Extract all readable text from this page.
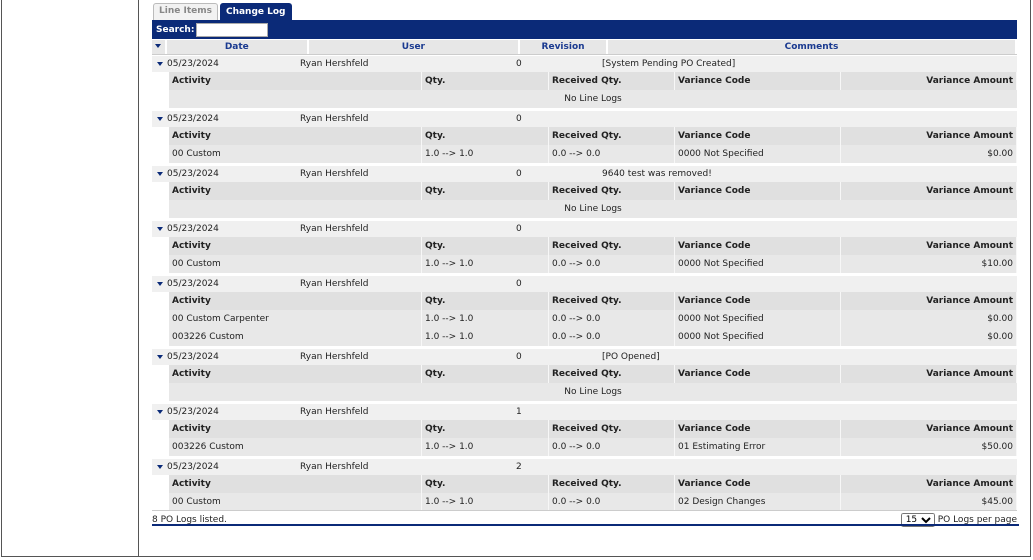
Line Items	Change Log
Search:
Date	User	Revision	Comments
05/23/2024	Ryan Hershfeld	0	[System Pending PO Created]
Activity	Qty.	Received Qty.	Variance Code	Variance Amount
No Line Logs
05/23/2024	Ryan Hershfeld	0
Activity	Qty.	Received Qty.	Variance Code	Variance Amount
00 Custom	1.0 --> 1.0	0.0 --> 0.0	0000 Not Specified	$0.00
05/23/2024	Ryan Hershfeld	0	9640 test was removed!
Activity	Qty.	Received Qty.	Variance Code	Variance Amount
No Line Logs
05/23/2024	Ryan Hershfeld	0
Activity	Qty.	Received Qty.	Variance Code	Variance Amount
00 Custom	1.0 --> 1.0	0.0 --> 0.0	0000 Not Specified	$10.00
05/23/2024	Ryan Hershfeld	0
Activity	Qty.	Received Qty.	Variance Code	Variance Amount
00 Custom Carpenter	1.0 --> 1.0	0.0 --> 0.0	0000 Not Specified	$0.00
003226 Custom	1.0 --> 1.0	0.0 --> 0.0	0000 Not Specified	$0.00
05/23/2024	Ryan Hershfeld	0	[PO Opened]
Activity	Qty.	Received Qty.	Variance Code	Variance Amount
No Line Logs
05/23/2024	Ryan Hershfeld	1
Activity	Qty.	Received Qty.	Variance Code	Variance Amount
003226 Custom	1.0 --> 1.0	0.0 --> 0.0	01 Estimating Error	$50.00
05/23/2024	Ryan Hershfeld	2
Activity	Qty.	Received Qty.	Variance Code	Variance Amount
00 Custom	1.0 --> 1.0	0.0 --> 0.0	02 Design Changes	$45.00
8 PO Logs listed.
15	PO Logs per page
